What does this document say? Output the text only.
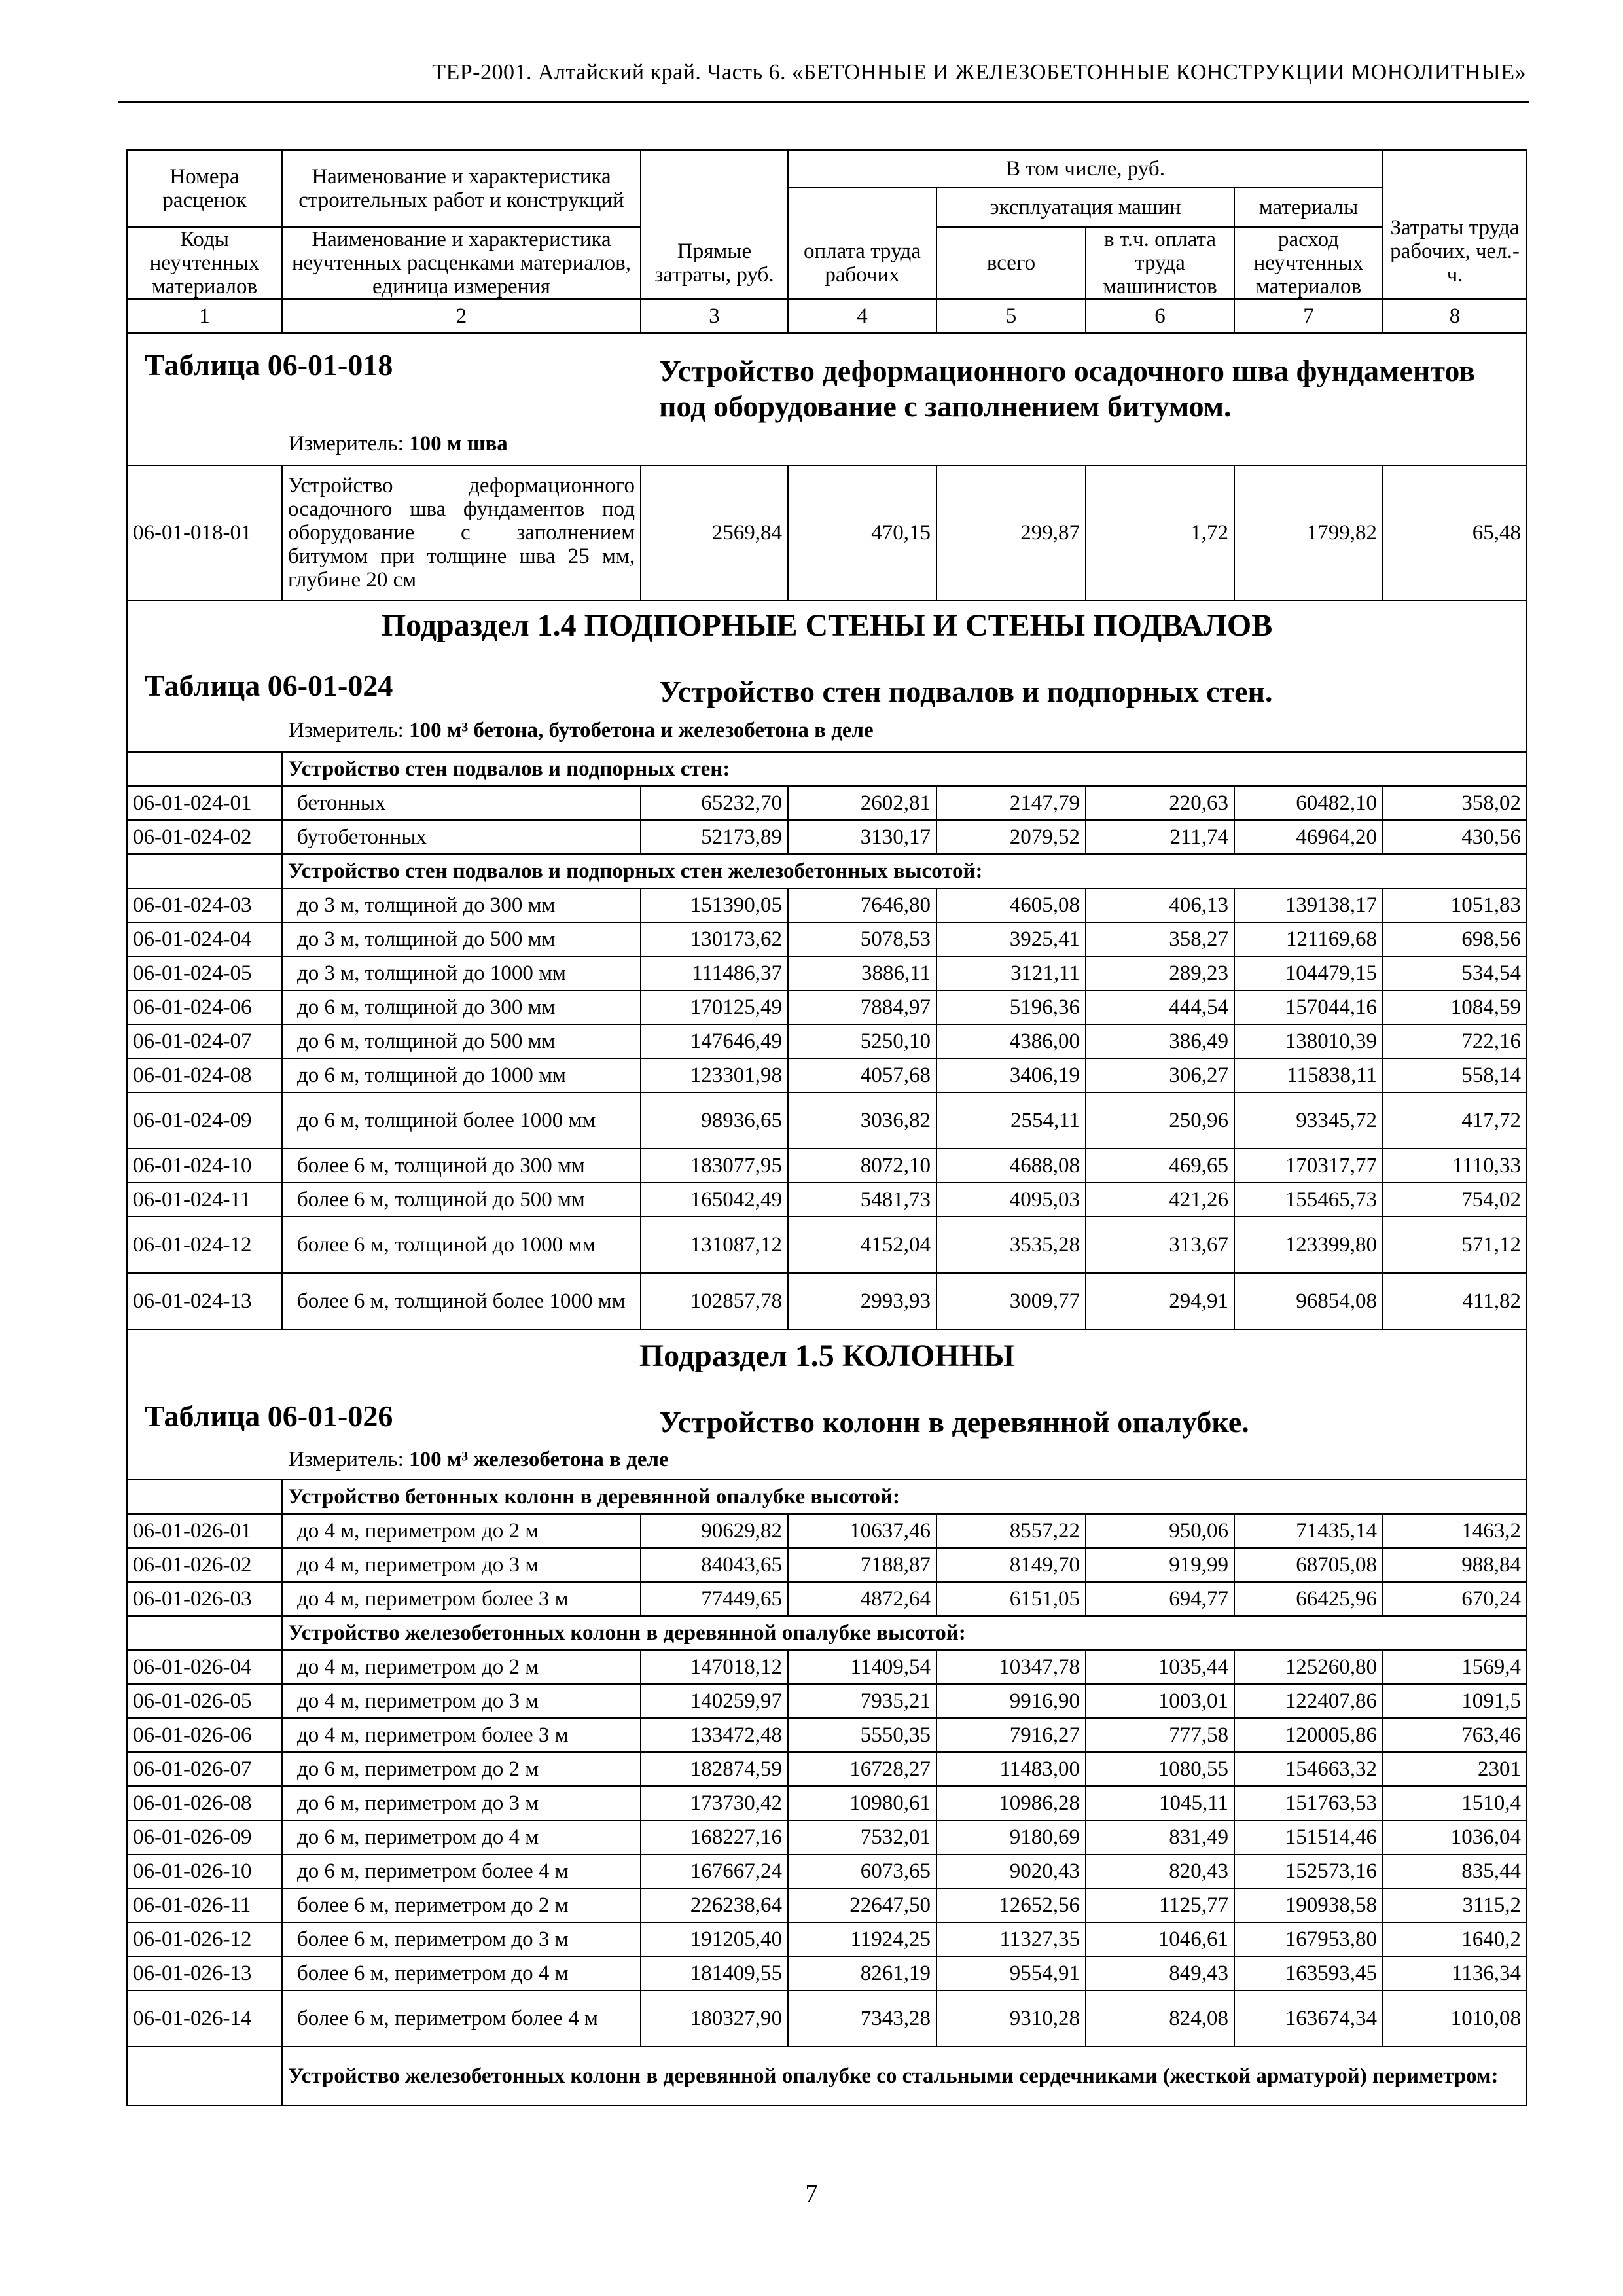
ТЕР-2001. Алтайский край. Часть 6. «БЕТОННЫЕ И ЖЕЛЕЗОБЕТОННЫЕ КОНСТРУКЦИИ МОНОЛИТНЫЕ»
Номера расценок	Наименование и характеристика строительных работ и конструкций	Прямые затраты, руб.	В том числе, руб.				Затраты труда рабочих, чел.-ч.
			оплата труда рабочих	эксплуатация машин		материалы	
Коды неучтенных материалов	Наименование и характеристика неучтенных расценками материалов, единица измерения			всего	в т.ч. оплата труда машинистов	расход неучтенных материалов	
1	2	3	4	5	6	7	8

Таблица 06-01-018 Устройство деформационного осадочного шва фундаментов под оборудование с заполнением битумом.
Измеритель: 100 м шва							

06-01-018-01	Устройство деформационного осадочного шва фундаментов под оборудование с заполнением битумом при толщине шва 25 мм, глубине 20 см	2569,84	470,15	299,87	1,72	1799,82	65,48

Подраздел 1.4 ПОДПОРНЫЕ СТЕНЫ И СТЕНЫ ПОДВАЛОВ
Таблица 06-01-024 Устройство стен подвалов и подпорных стен.
Измеритель: 100 м³ бетона, бутобетона и железобетона в деле							

	Устройство стен подвалов и подпорных стен:						
06-01-024-01	бетонных	65232,70	2602,81	2147,79	220,63	60482,10	358,02
06-01-024-02	бутобетонных	52173,89	3130,17	2079,52	211,74	46964,20	430,56
	Устройство стен подвалов и подпорных стен железобетонных высотой:						
06-01-024-03	до 3 м, толщиной до 300 мм	151390,05	7646,80	4605,08	406,13	139138,17	1051,83
06-01-024-04	до 3 м, толщиной до 500 мм	130173,62	5078,53	3925,41	358,27	121169,68	698,56
06-01-024-05	до 3 м, толщиной до 1000 мм	111486,37	3886,11	3121,11	289,23	104479,15	534,54
06-01-024-06	до 6 м, толщиной до 300 мм	170125,49	7884,97	5196,36	444,54	157044,16	1084,59
06-01-024-07	до 6 м, толщиной до 500 мм	147646,49	5250,10	4386,00	386,49	138010,39	722,16
06-01-024-08	до 6 м, толщиной до 1000 мм	123301,98	4057,68	3406,19	306,27	115838,11	558,14
06-01-024-09	до 6 м, толщиной более 1000 мм	98936,65	3036,82	2554,11	250,96	93345,72	417,72
06-01-024-10	более 6 м, толщиной до 300 мм	183077,95	8072,10	4688,08	469,65	170317,77	1110,33
06-01-024-11	более 6 м, толщиной до 500 мм	165042,49	5481,73	4095,03	421,26	155465,73	754,02
06-01-024-12	более 6 м, толщиной до 1000 мм	131087,12	4152,04	3535,28	313,67	123399,80	571,12
06-01-024-13	более 6 м, толщиной более 1000 мм	102857,78	2993,93	3009,77	294,91	96854,08	411,82

Подраздел 1.5 КОЛОННЫ
Таблица 06-01-026 Устройство колонн в деревянной опалубке.
Измеритель: 100 м³ железобетона в деле							

	Устройство бетонных колонн в деревянной опалубке высотой:						
06-01-026-01	до 4 м, периметром до 2 м	90629,82	10637,46	8557,22	950,06	71435,14	1463,2
06-01-026-02	до 4 м, периметром до 3 м	84043,65	7188,87	8149,70	919,99	68705,08	988,84
06-01-026-03	до 4 м, периметром более 3 м	77449,65	4872,64	6151,05	694,77	66425,96	670,24
	Устройство железобетонных колонн в деревянной опалубке высотой:						
06-01-026-04	до 4 м, периметром до 2 м	147018,12	11409,54	10347,78	1035,44	125260,80	1569,4
06-01-026-05	до 4 м, периметром до 3 м	140259,97	7935,21	9916,90	1003,01	122407,86	1091,5
06-01-026-06	до 4 м, периметром более 3 м	133472,48	5550,35	7916,27	777,58	120005,86	763,46
06-01-026-07	до 6 м, периметром до 2 м	182874,59	16728,27	11483,00	1080,55	154663,32	2301
06-01-026-08	до 6 м, периметром до 3 м	173730,42	10980,61	10986,28	1045,11	151763,53	1510,4
06-01-026-09	до 6 м, периметром до 4 м	168227,16	7532,01	9180,69	831,49	151514,46	1036,04
06-01-026-10	до 6 м, периметром более 4 м	167667,24	6073,65	9020,43	820,43	152573,16	835,44
06-01-026-11	более 6 м, периметром до 2 м	226238,64	22647,50	12652,56	1125,77	190938,58	3115,2
06-01-026-12	более 6 м, периметром до 3 м	191205,40	11924,25	11327,35	1046,61	167953,80	1640,2
06-01-026-13	более 6 м, периметром до 4 м	181409,55	8261,19	9554,91	849,43	163593,45	1136,34
06-01-026-14	более 6 м, периметром более 4 м	180327,90	7343,28	9310,28	824,08	163674,34	1010,08
	Устройство железобетонных колонн в деревянной опалубке со стальными сердечниками (жесткой арматурой) периметром:						
7
